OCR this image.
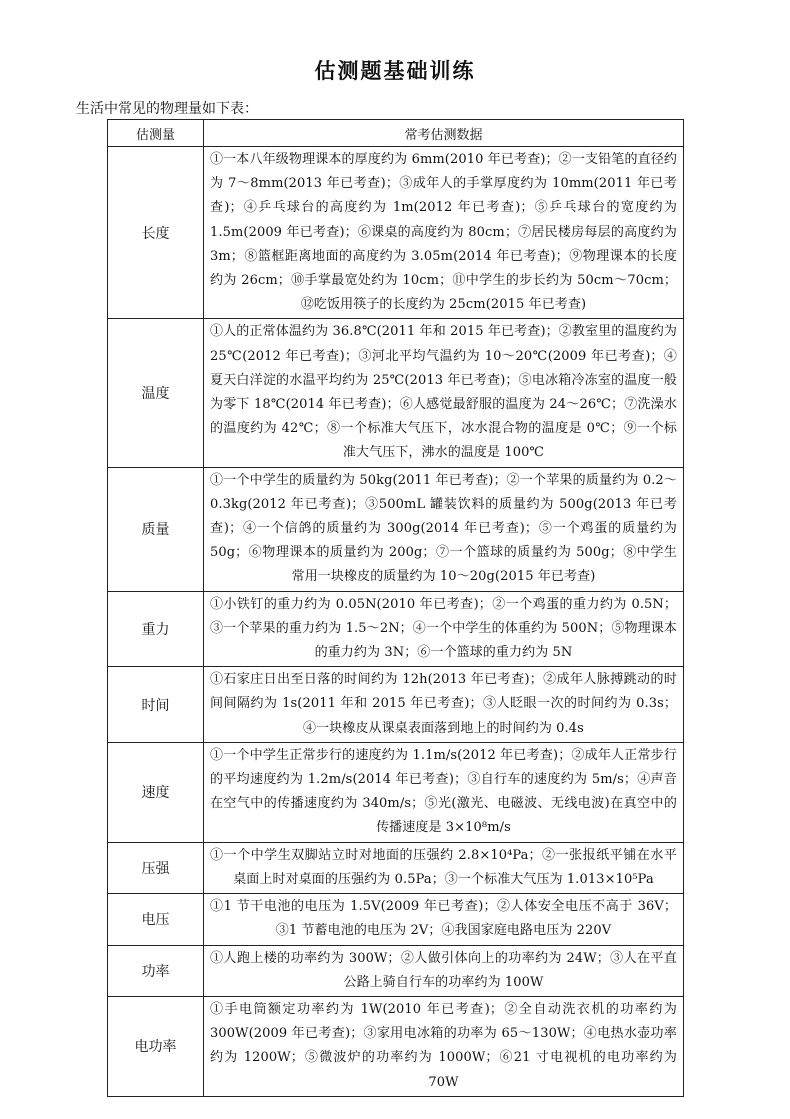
估测题基础训练
生活中常见的物理量如下表：
估测量	常考估测数据
长度	①一本八年级物理课本的厚度约为 6mm(2010 年已考查)；②一支铅笔的直径约为 7～8mm(2013 年已考查)；③成年人的手掌厚度约为 10mm(2011 年已考查)；④乒乓球台的高度约为 1m(2012 年已考查)；⑤乒乓球台的宽度约为 1.5m(2009 年已考查)；⑥课桌的高度约为 80cm；⑦居民楼房每层的高度约为 3m；⑧篮框距离地面的高度约为 3.05m(2014 年已考查)；⑨物理课本的长度约为 26cm；⑩手掌最宽处约为 10cm；⑪中学生的步长约为 50cm～70cm；⑫吃饭用筷子的长度约为 25cm(2015 年已考查)
温度	①人的正常体温约为 36.8℃(2011 年和 2015 年已考查)；②教室里的温度约为 25℃(2012 年已考查)；③河北平均气温约为 10～20℃(2009 年已考查)；④夏天白洋淀的水温平均约为 25℃(2013 年已考查)；⑤电冰箱冷冻室的温度一般为零下 18℃(2014 年已考查)；⑥人感觉最舒服的温度为 24～26℃；⑦洗澡水的温度约为 42℃；⑧一个标准大气压下，冰水混合物的温度是 0℃；⑨一个标准大气压下，沸水的温度是 100℃
质量	①一个中学生的质量约为 50kg(2011 年已考查)；②一个苹果的质量约为 0.2～0.3kg(2012 年已考查)；③500mL 罐装饮料的质量约为 500g(2013 年已考查)；④一个信鸽的质量约为 300g(2014 年已考查)；⑤一个鸡蛋的质量约为 50g；⑥物理课本的质量约为 200g；⑦一个篮球的质量约为 500g；⑧中学生常用一块橡皮的质量约为 10～20g(2015 年已考查)
重力	①小铁钉的重力约为 0.05N(2010 年已考查)；②一个鸡蛋的重力约为 0.5N；③一个苹果的重力约为 1.5～2N；④一个中学生的体重约为 500N；⑤物理课本的重力约为 3N；⑥一个篮球的重力约为 5N
时间	①石家庄日出至日落的时间约为 12h(2013 年已考查)；②成年人脉搏跳动的时间间隔约为 1s(2011 年和 2015 年已考查)；③人眨眼一次的时间约为 0.3s；④一块橡皮从课桌表面落到地上的时间约为 0.4s
速度	①一个中学生正常步行的速度约为 1.1m/s(2012 年已考查)；②成年人正常步行的平均速度约为 1.2m/s(2014 年已考查)；③自行车的速度约为 5m/s；④声音在空气中的传播速度约为 340m/s；⑤光(激光、电磁波、无线电波)在真空中的传播速度是 3×10⁸m/s
压强	①一个中学生双脚站立时对地面的压强约 2.8×10⁴Pa；②一张报纸平铺在水平桌面上时对桌面的压强约为 0.5Pa；③一个标准大气压为 1.013×10⁵Pa
电压	①1 节干电池的电压为 1.5V(2009 年已考查)；②人体安全电压不高于 36V；③1 节蓄电池的电压为 2V；④我国家庭电路电压为 220V
功率	①人跑上楼的功率约为 300W；②人做引体向上的功率约为 24W；③人在平直公路上骑自行车的功率约为 100W
电功率	①手电筒额定功率约为 1W(2010 年已考查)；②全自动洗衣机的功率约为 300W(2009 年已考查)；③家用电冰箱的功率为 65～130W；④电热水壶功率约为 1200W；⑤微波炉的功率约为 1000W；⑥21 寸电视机的电功率约为 70W
